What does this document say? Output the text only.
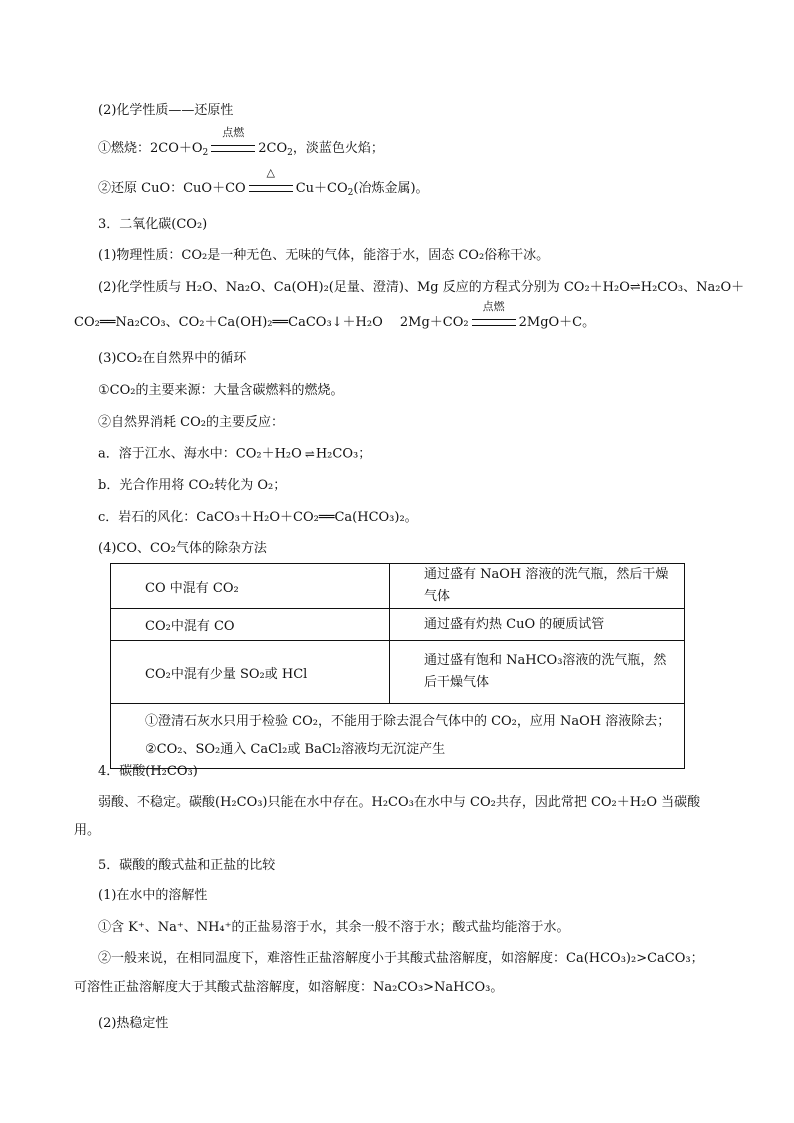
(2)化学性质——还原性
①燃烧：$2CO+O_2$
点燃
$2CO_2$，淡蓝色火焰；
②还原 CuO：CuO＋CO
△
$Cu+CO_2$(冶炼金属)。
3．二氧化碳(CO₂)
(1)物理性质：CO₂是一种无色、无味的气体，能溶于水，固态 CO₂俗称干冰。
(2)化学性质与 H₂O、Na₂O、Ca(OH)₂(足量、澄清)、Mg 反应的方程式分别为 CO₂＋H₂O⇌H₂CO₃、Na₂O＋
CO₂══Na₂CO₃、CO₂＋Ca(OH)₂══CaCO₃↓＋H₂O　 2Mg＋CO₂
点燃
2MgO＋C。
(3)CO₂在自然界中的循环
①CO₂的主要来源：大量含碳燃料的燃烧。
②自然界消耗 CO₂的主要反应：
a．溶于江水、海水中：CO₂＋H₂O ⇌ H₂CO₃；
b．光合作用将 CO₂转化为 O₂；
c．岩石的风化：CaCO₃＋H₂O＋CO₂══Ca(HCO₃)₂。
(4)CO、CO₂气体的除杂方法
CO 中混有 CO₂	通过盛有 NaOH 溶液的洗气瓶，然后干燥气体
CO₂中混有 CO	通过盛有灼热 CuO 的硬质试管
CO₂中混有少量 SO₂或 HCl	通过盛有饱和 NaHCO₃溶液的洗气瓶，然后干燥气体

①澄清石灰水只用于检验 CO₂，不能用于除去混合气体中的 CO₂，应用 NaOH 溶液除去；
②CO₂、SO₂通入 CaCl₂或 BaCl₂溶液均无沉淀产生	
4．碳酸(H₂CO₃)
弱酸、不稳定。碳酸(H₂CO₃)只能在水中存在。H₂CO₃在水中与 CO₂共存，因此常把 CO₂＋H₂O 当碳酸
用。
5．碳酸的酸式盐和正盐的比较
(1)在水中的溶解性
①含 K⁺、Na⁺、NH₄⁺的正盐易溶于水，其余一般不溶于水；酸式盐均能溶于水。
②一般来说，在相同温度下，难溶性正盐溶解度小于其酸式盐溶解度，如溶解度：Ca(HCO₃)₂>CaCO₃；
可溶性正盐溶解度大于其酸式盐溶解度，如溶解度：Na₂CO₃>NaHCO₃。
(2)热稳定性
